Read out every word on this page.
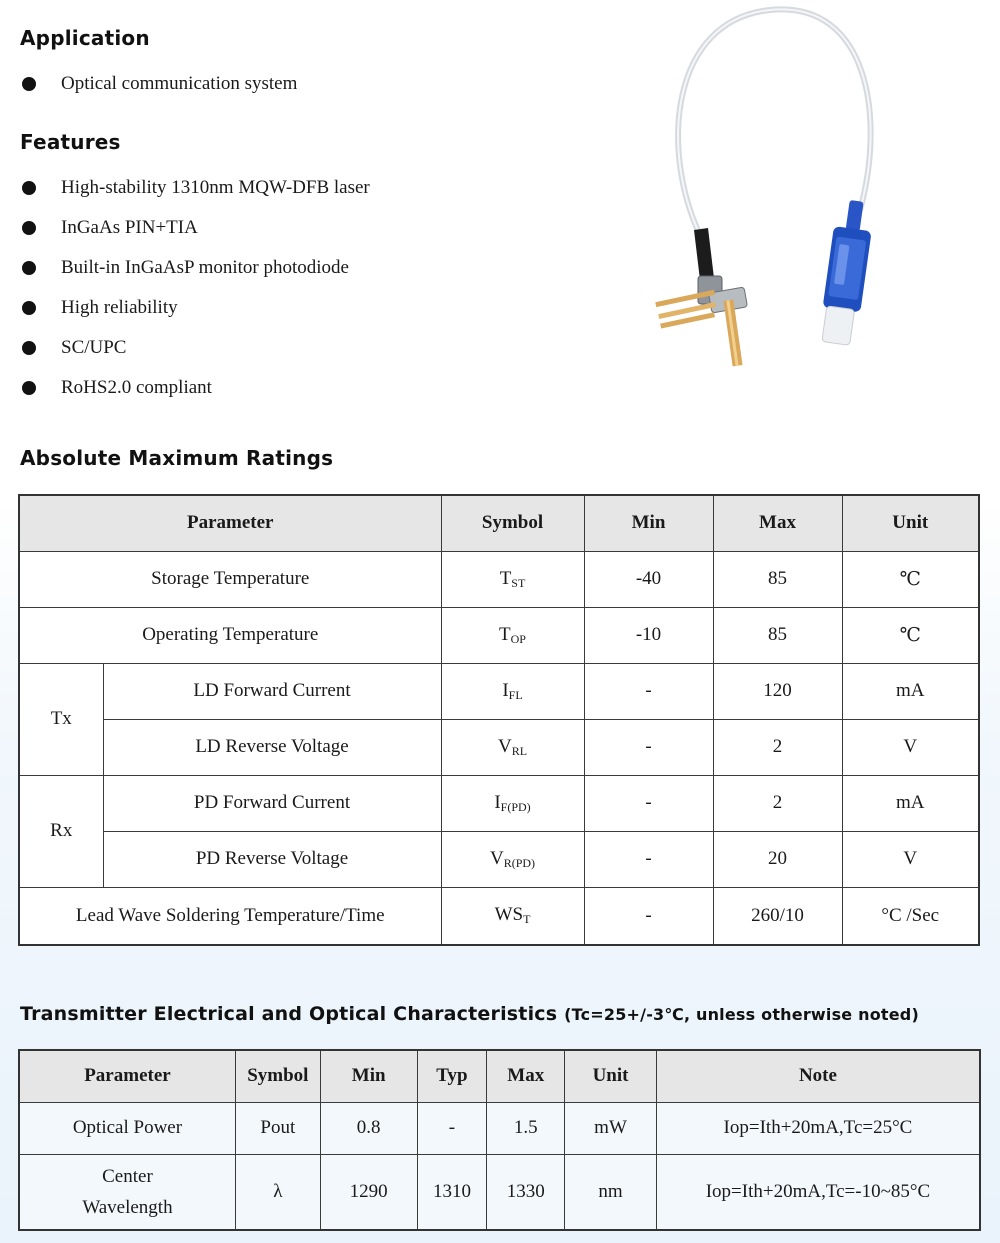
Application
Optical communication system
Features
High-stability 1310nm MQW-DFB laser
InGaAs PIN+TIA
Built-in InGaAsP monitor photodiode
High reliability
SC/UPC
RoHS2.0 compliant
Absolute Maximum Ratings
Parameter		Symbol	Min	Max	Unit
Storage Temperature		$T_{ST}$	-40	85	℃
Operating Temperature		$T_{OP}$	-10	85	℃
Tx	LD Forward Current	$I_{FL}$	-	120	mA
	LD Reverse Voltage	$V_{RL}$	-	2	V
Rx	PD Forward Current	$I_{F(PD)}$	-	2	mA
	PD Reverse Voltage	$V_{R(PD)}$	-	20	V
Lead Wave Soldering Temperature/Time		$WS_T$	-	260/10	°C /Sec
Transmitter Electrical and Optical Characteristics (Tc=25+/-3℃, unless otherwise noted)
Parameter	Symbol	Min	Typ	Max	Unit	Note
Optical Power	Pout	0.8	-	1.5	mW	Iop=Ith+20mA,Tc=25°C
Center
Wavelength	λ	1290	1310	1330	nm	Iop=Ith+20mA,Tc=-10~85°C
